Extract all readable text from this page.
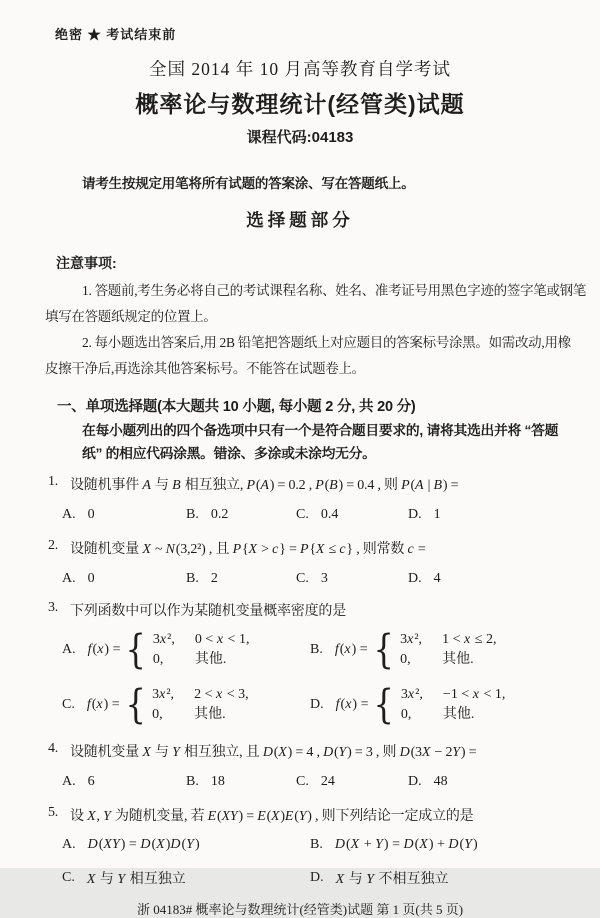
绝密 ★ 考试结束前
全国 2014 年 10 月高等教育自学考试
概率论与数理统计(经管类)试题
课程代码:04183
请考生按规定用笔将所有试题的答案涂、写在答题纸上。
选择题部分
注意事项:
1. 答题前,考生务必将自己的考试课程名称、姓名、准考证号用黑色字迹的签字笔或钢笔
填写在答题纸规定的位置上。
2. 每小题选出答案后,用 2B 铅笔把答题纸上对应题目的答案标号涂黑。如需改动,用橡
皮擦干净后,再选涂其他答案标号。不能答在试题卷上。
一、单项选择题(本大题共 10 小题, 每小题 2 分, 共 20 分)
在每小题列出的四个备选项中只有一个是符合题目要求的, 请将其选出并将 “答题
纸” 的相应代码涂黑。错涂、多涂或未涂均无分。
1. 设随机事件 A 与 B 相互独立, P(A) = 0.2 , P(B) = 0.4 , 则 P(A | B) =
A. 0	B. 0.2	C. 0.4	D. 1
2. 设随机变量 X ~ N(3,2²) , 且 P{X > c} = P{X ≤ c} , 则常数 c =
A. 0	B. 2	C. 3	D. 4
3. 下列函数中可以作为某随机变量概率密度的是
A. f(x) = { 3x²,	0 < x < 1,
0,	其他.
B. f(x) = { 3x²,	1 < x ≤ 2,
0,	其他.
C. f(x) = { 3x²,	2 < x < 3,
0,	其他.
D. f(x) = { 3x²,	−1 < x < 1,
0,	其他.
4. 设随机变量 X 与 Y 相互独立, 且 D(X) = 4 , D(Y) = 3 , 则 D(3X − 2Y) =
A. 6	B. 18	C. 24	D. 48
5. 设 X, Y 为随机变量, 若 E(XY) = E(X)E(Y) , 则下列结论一定成立的是
A. D(XY) = D(X)D(Y)	B. D(X + Y) = D(X) + D(Y)
C. X 与 Y 相互独立	D. X 与 Y 不相互独立
浙 04183# 概率论与数理统计(经管类)试题 第 1 页(共 5 页)
